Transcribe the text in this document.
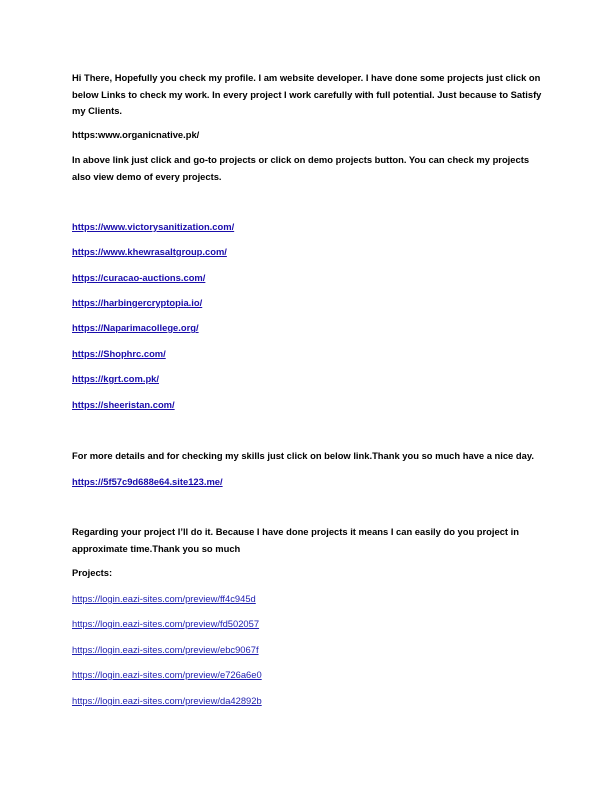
Hi There, Hopefully you check my profile. I am website developer. I have done some projects just click on below Links to check my work. In every project I work carefully with full potential. Just because to Satisfy my Clients.

https:www.organicnative.pk/

In above link just click and go-to projects or click on demo projects button. You can check my projects also view demo of every projects.

https://www.victorysanitization.com/
https://www.khewrasaltgroup.com/
https://curacao-auctions.com/
https://harbingercryptopia.io/
https://Naparimacollege.org/
https://Shophrc.com/
https://kgrt.com.pk/
https://sheeristan.com/

For more details and for checking my skills just click on below link.Thank you so much have a nice day.

https://5f57c9d688e64.site123.me/

Regarding your project I’ll do it. Because I have done projects it means I can easily do you project in approximate time.Thank you so much

Projects:

https://login.eazi-sites.com/preview/ff4c945d
https://login.eazi-sites.com/preview/fd502057
https://login.eazi-sites.com/preview/ebc9067f
https://login.eazi-sites.com/preview/e726a6e0
https://login.eazi-sites.com/preview/da42892b
